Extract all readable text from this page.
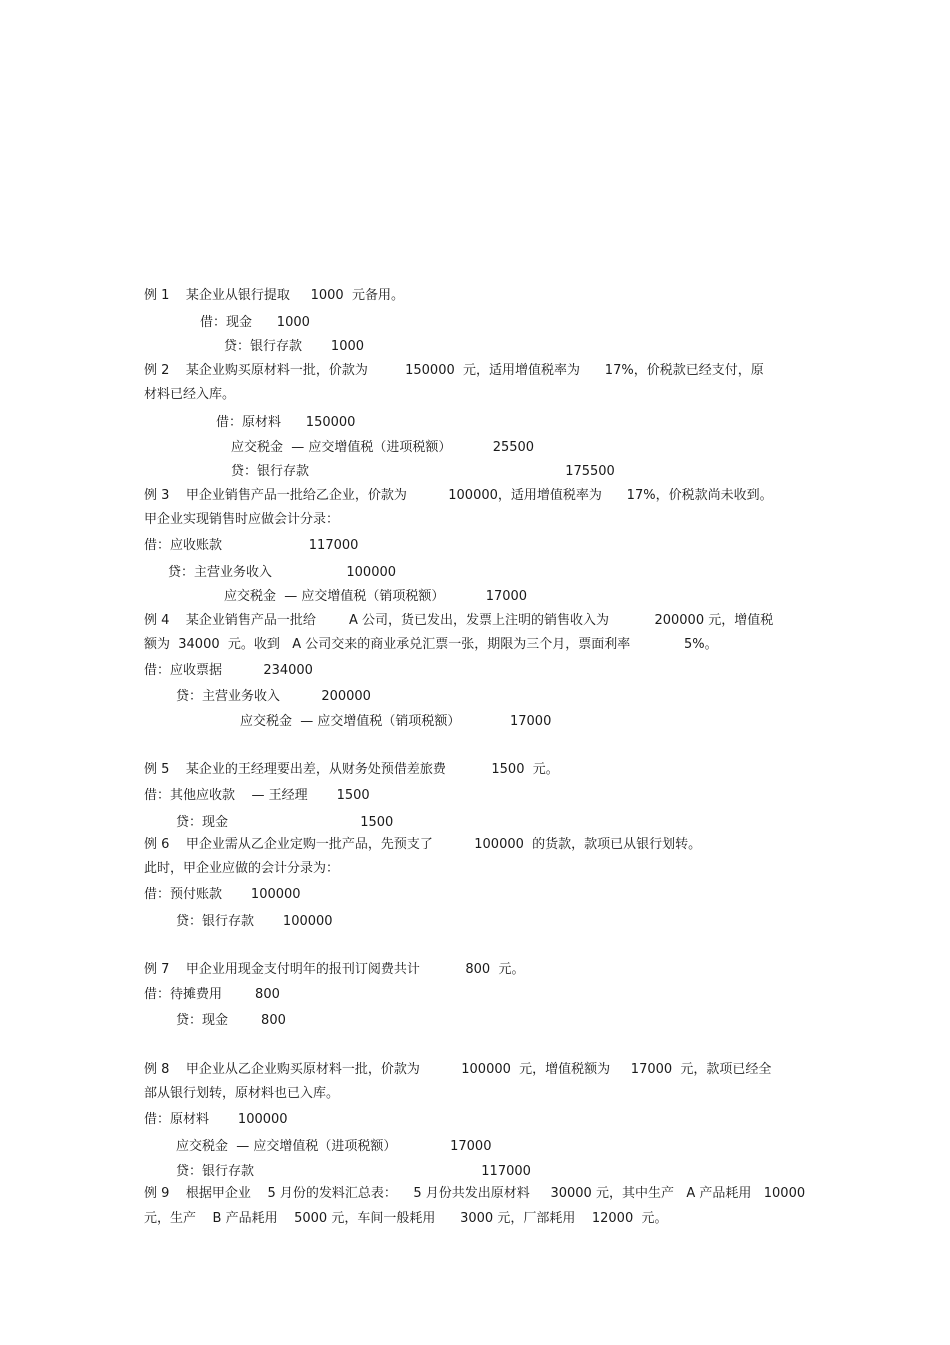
例 1    某企业从银行提取     1000  元备用。
借：现金      1000
贷：银行存款       1000
例 2    某企业购买原材料一批，价款为         150000  元，适用增值税率为      17%，价税款已经支付，原
材料已经入库。
借：原材料      150000
应交税金  — 应交增值税（进项税额）          25500
贷：银行存款                                                              175500
例 3    甲企业销售产品一批给乙企业，价款为          100000，适用增值税率为      17%，价税款尚未收到。
甲企业实现销售时应做会计分录：
借：应收账款                     117000
贷：主营业务收入                  100000
应交税金  — 应交增值税（销项税额）          17000
例 4    某企业销售产品一批给        A 公司，货已发出，发票上注明的销售收入为           200000 元，增值税
额为  34000  元。收到   A 公司交来的商业承兑汇票一张，期限为三个月，票面利率             5%。
借：应收票据          234000
贷：主营业务收入          200000
应交税金  — 应交增值税（销项税额）            17000
例 5    某企业的王经理要出差，从财务处预借差旅费           1500  元。
借：其他应收款    — 王经理       1500
贷：现金                                1500
例 6    甲企业需从乙企业定购一批产品，先预支了          100000  的货款，款项已从银行划转。
此时，甲企业应做的会计分录为：
借：预付账款       100000
贷：银行存款       100000
例 7    甲企业用现金支付明年的报刊订阅费共计           800  元。
借：待摊费用        800
贷：现金        800
例 8    甲企业从乙企业购买原材料一批，价款为          100000  元，增值税额为     17000  元，款项已经全
部从银行划转，原材料也已入库。
借：原材料       100000
应交税金  — 应交增值税（进项税额）             17000
贷：银行存款                                                       117000
例 9    根据甲企业    5 月份的发料汇总表：    5 月份共发出原材料     30000 元，其中生产   A 产品耗用   10000
元，生产    B 产品耗用    5000 元，车间一般耗用      3000 元，厂部耗用    12000  元。
